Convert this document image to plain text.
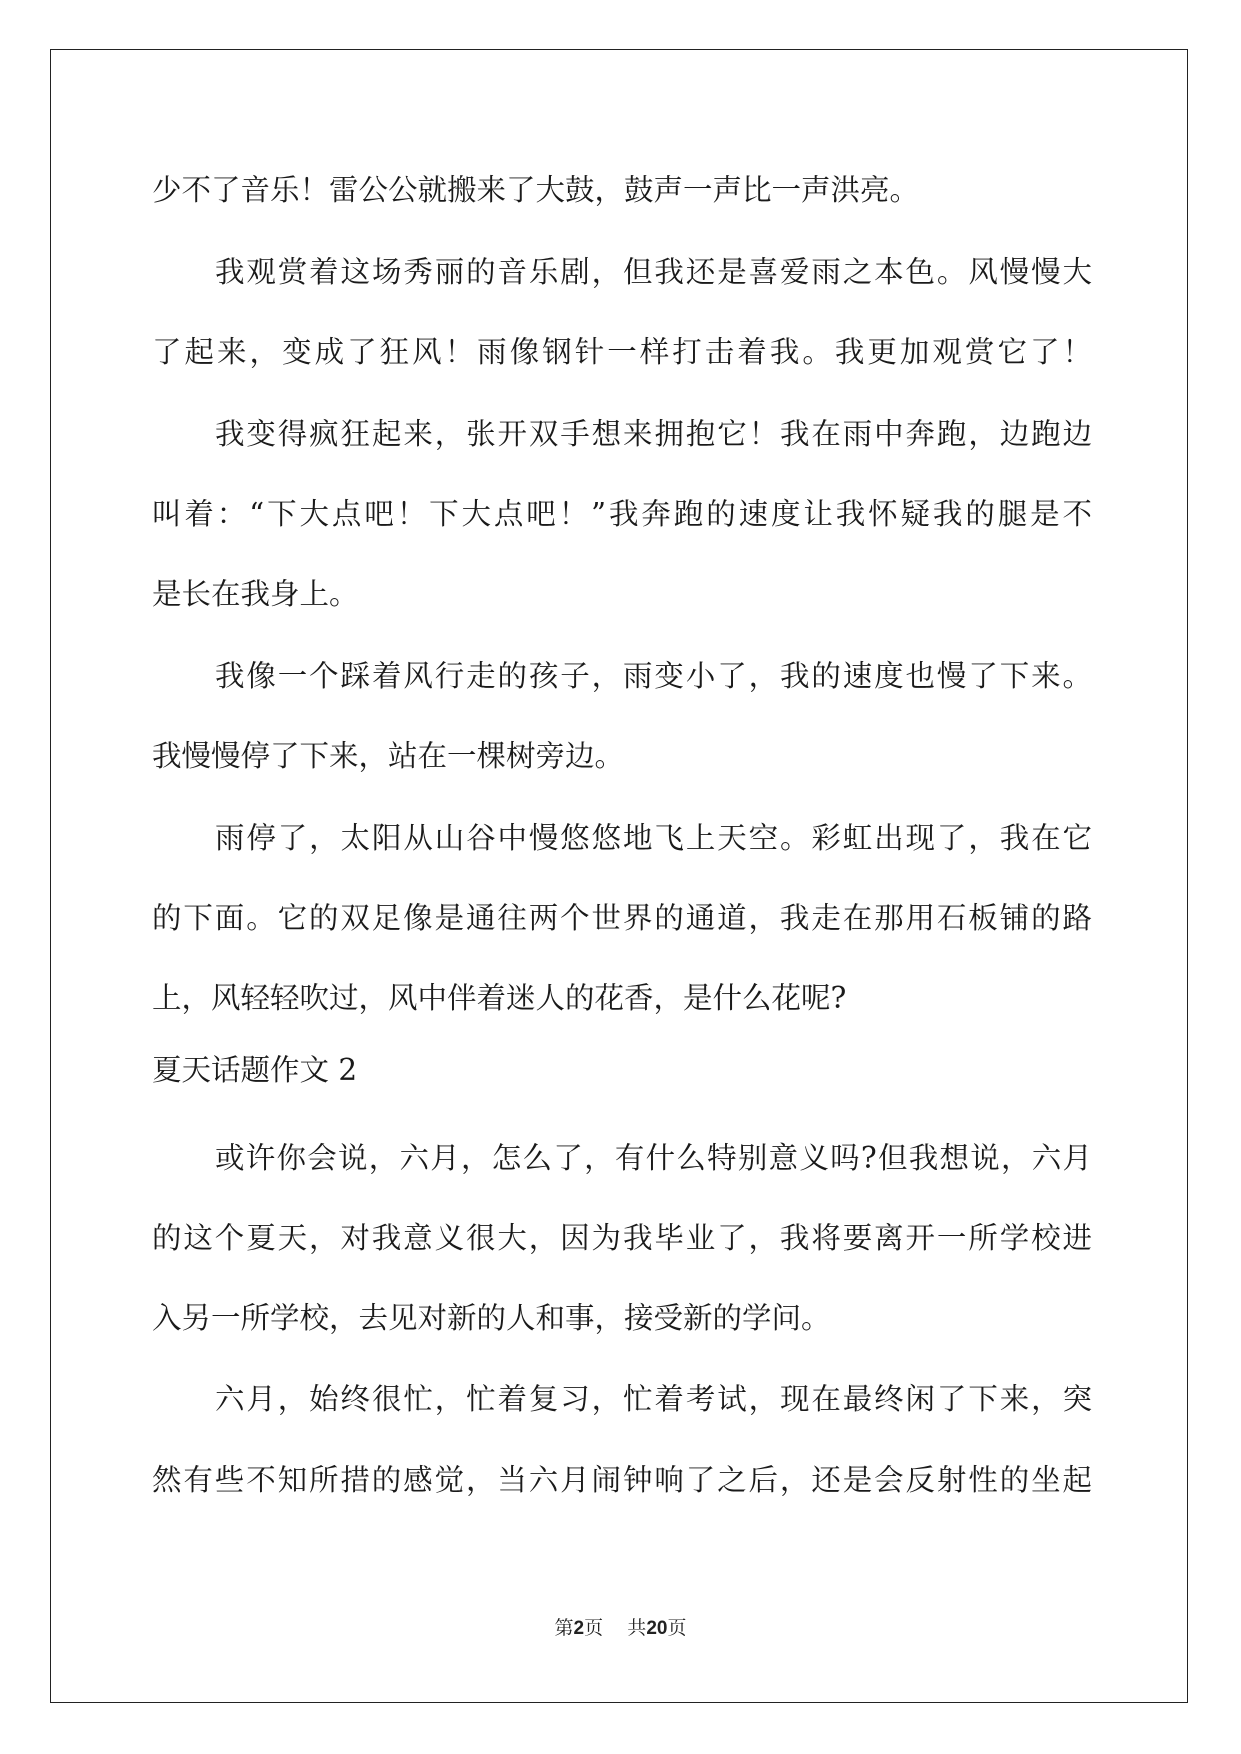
少不了音乐！雷公公就搬来了大鼓，鼓声一声比一声洪亮。
我观赏着这场秀丽的音乐剧，但我还是喜爱雨之本色。风慢慢大
了起来，变成了狂风！雨像钢针一样打击着我。我更加观赏它了！
我变得疯狂起来，张开双手想来拥抱它！我在雨中奔跑，边跑边
叫着：“下大点吧！下大点吧！”我奔跑的速度让我怀疑我的腿是不
是长在我身上。
我像一个踩着风行走的孩子，雨变小了，我的速度也慢了下来。
我慢慢停了下来，站在一棵树旁边。
雨停了，太阳从山谷中慢悠悠地飞上天空。彩虹出现了，我在它
的下面。它的双足像是通往两个世界的通道，我走在那用石板铺的路
上，风轻轻吹过，风中伴着迷人的花香，是什么花呢?
夏天话题作文 2
或许你会说，六月，怎么了，有什么特别意义吗?但我想说，六月
的这个夏天，对我意义很大，因为我毕业了，我将要离开一所学校进
入另一所学校，去见对新的人和事，接受新的学问。
六月，始终很忙，忙着复习，忙着考试，现在最终闲了下来，突
然有些不知所措的感觉，当六月闹钟响了之后，还是会反射性的坐起
第2页 共20页
